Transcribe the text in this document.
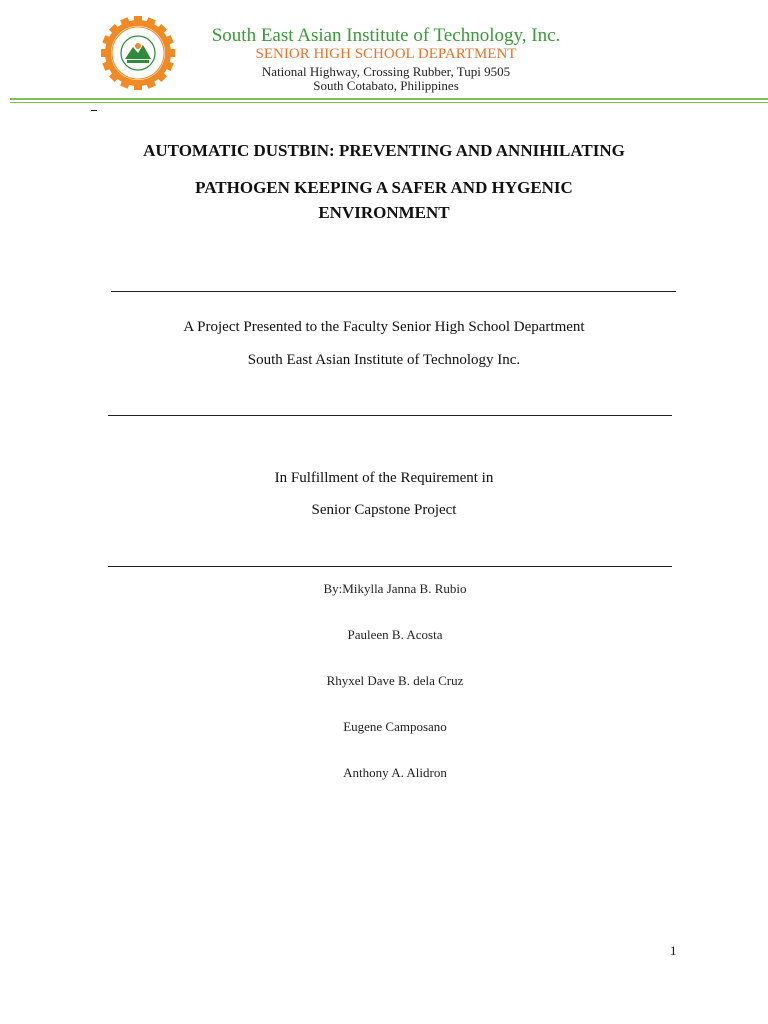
South East Asian Institute of Technology, Inc.
SENIOR HIGH SCHOOL DEPARTMENT
National Highway, Crossing Rubber, Tupi 9505
South Cotabato, Philippines
AUTOMATIC DUSTBIN: PREVENTING AND ANNIHILATING
PATHOGEN KEEPING A SAFER AND HYGENIC
ENVIRONMENT
A Project Presented to the Faculty Senior High School Department
South East Asian Institute of Technology Inc.
In Fulfillment of the Requirement in
Senior Capstone Project
By:Mikylla Janna B. Rubio
Pauleen B. Acosta
Rhyxel Dave B. dela Cruz
Eugene Camposano
Anthony A. Alidron
1
